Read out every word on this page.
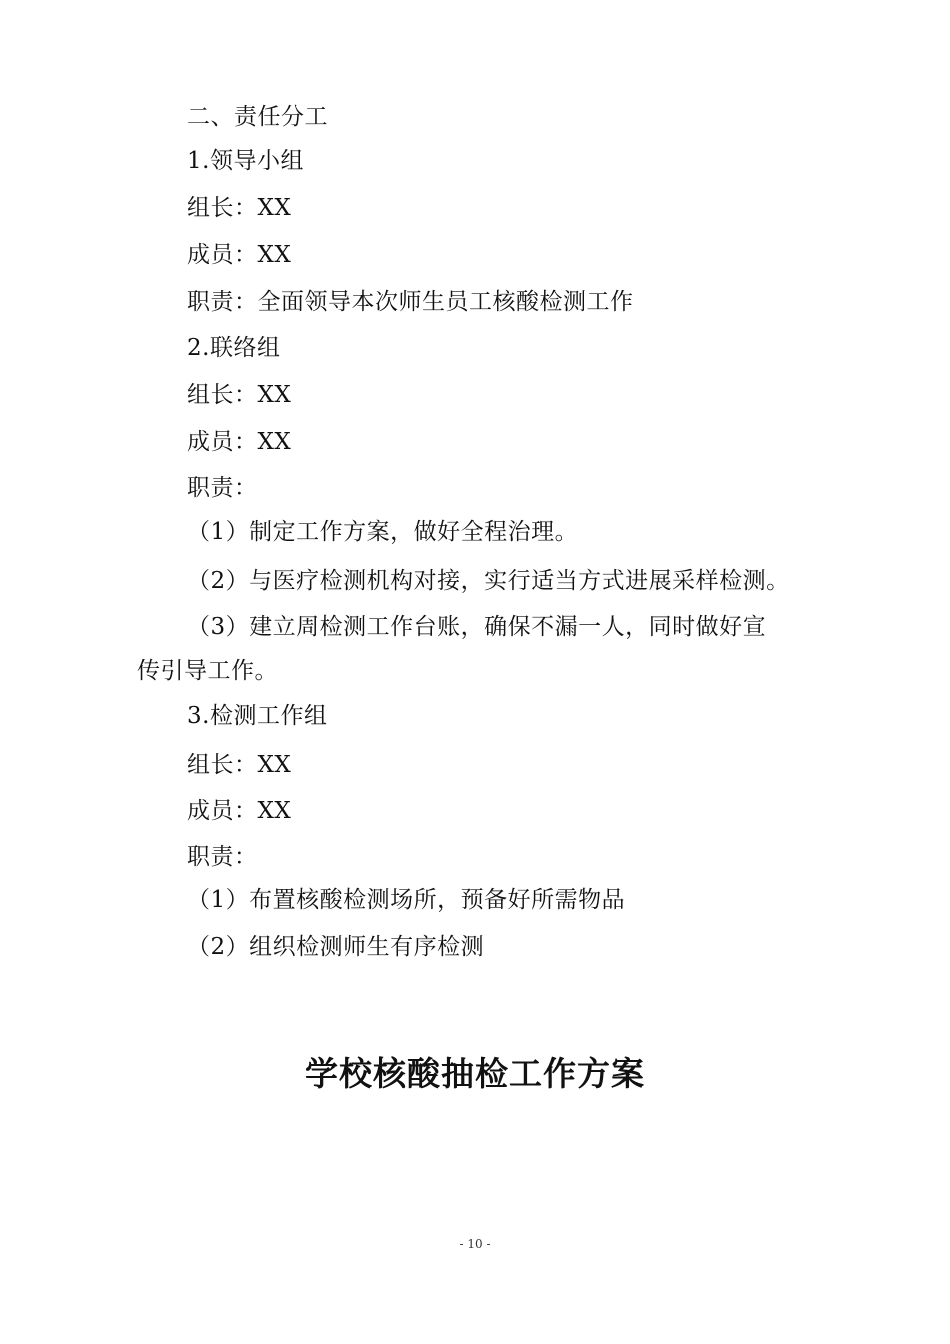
二、责任分工
1.领导小组
组长：XX
成员：XX
职责：全面领导本次师生员工核酸检测工作
2.联络组
组长：XX
成员：XX
职责：
（1）制定工作方案，做好全程治理。
（2）与医疗检测机构对接，实行适当方式进展采样检测。
（3）建立周检测工作台账，确保不漏一人，同时做好宣
传引导工作。
3.检测工作组
组长：XX
成员：XX
职责：
（1）布置核酸检测场所，预备好所需物品
（2）组织检测师生有序检测
学校核酸抽检工作方案
- 10 -
